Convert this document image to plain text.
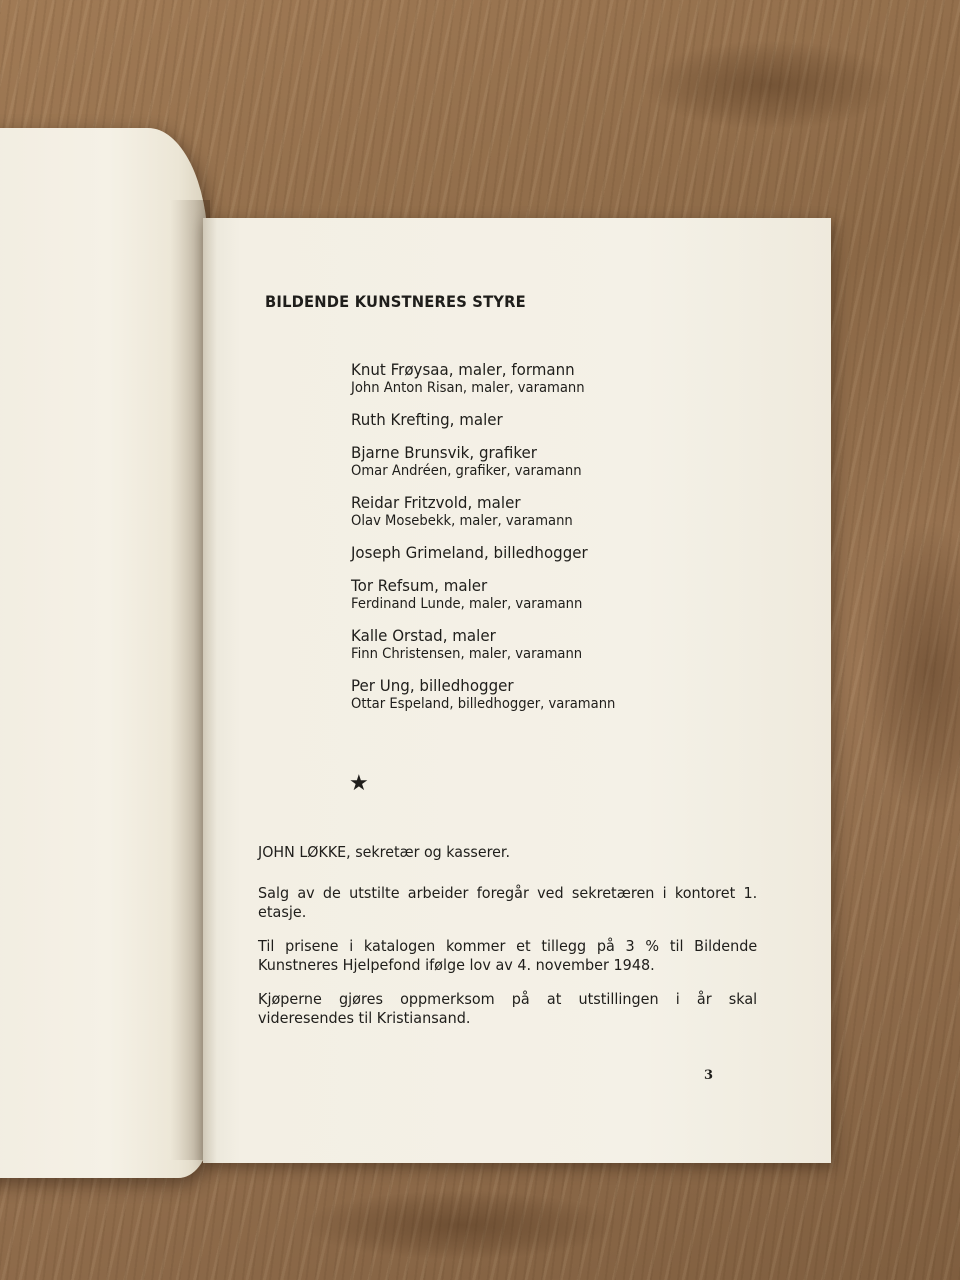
BILDENDE KUNSTNERES STYRE
Knut Frøysaa, maler, formann
John Anton Risan, maler, varamann
Ruth Krefting, maler
Bjarne Brunsvik, grafiker
Omar Andréen, grafiker, varamann
Reidar Fritzvold, maler
Olav Mosebekk, maler, varamann
Joseph Grimeland, billedhogger
Tor Refsum, maler
Ferdinand Lunde, maler, varamann
Kalle Orstad, maler
Finn Christensen, maler, varamann
Per Ung, billedhogger
Ottar Espeland, billedhogger, varamann
★
JOHN LØKKE, sekretær og kasserer.

Salg av de utstilte arbeider foregår ved sekretæren i kontoret 1. etasje.

Til prisene i katalogen kommer et tillegg på 3 % til Bildende Kunstneres Hjelpefond ifølge lov av 4. november 1948.

Kjøperne gjøres oppmerksom på at utstillingen i år skal videresendes til Kristiansand.

3
